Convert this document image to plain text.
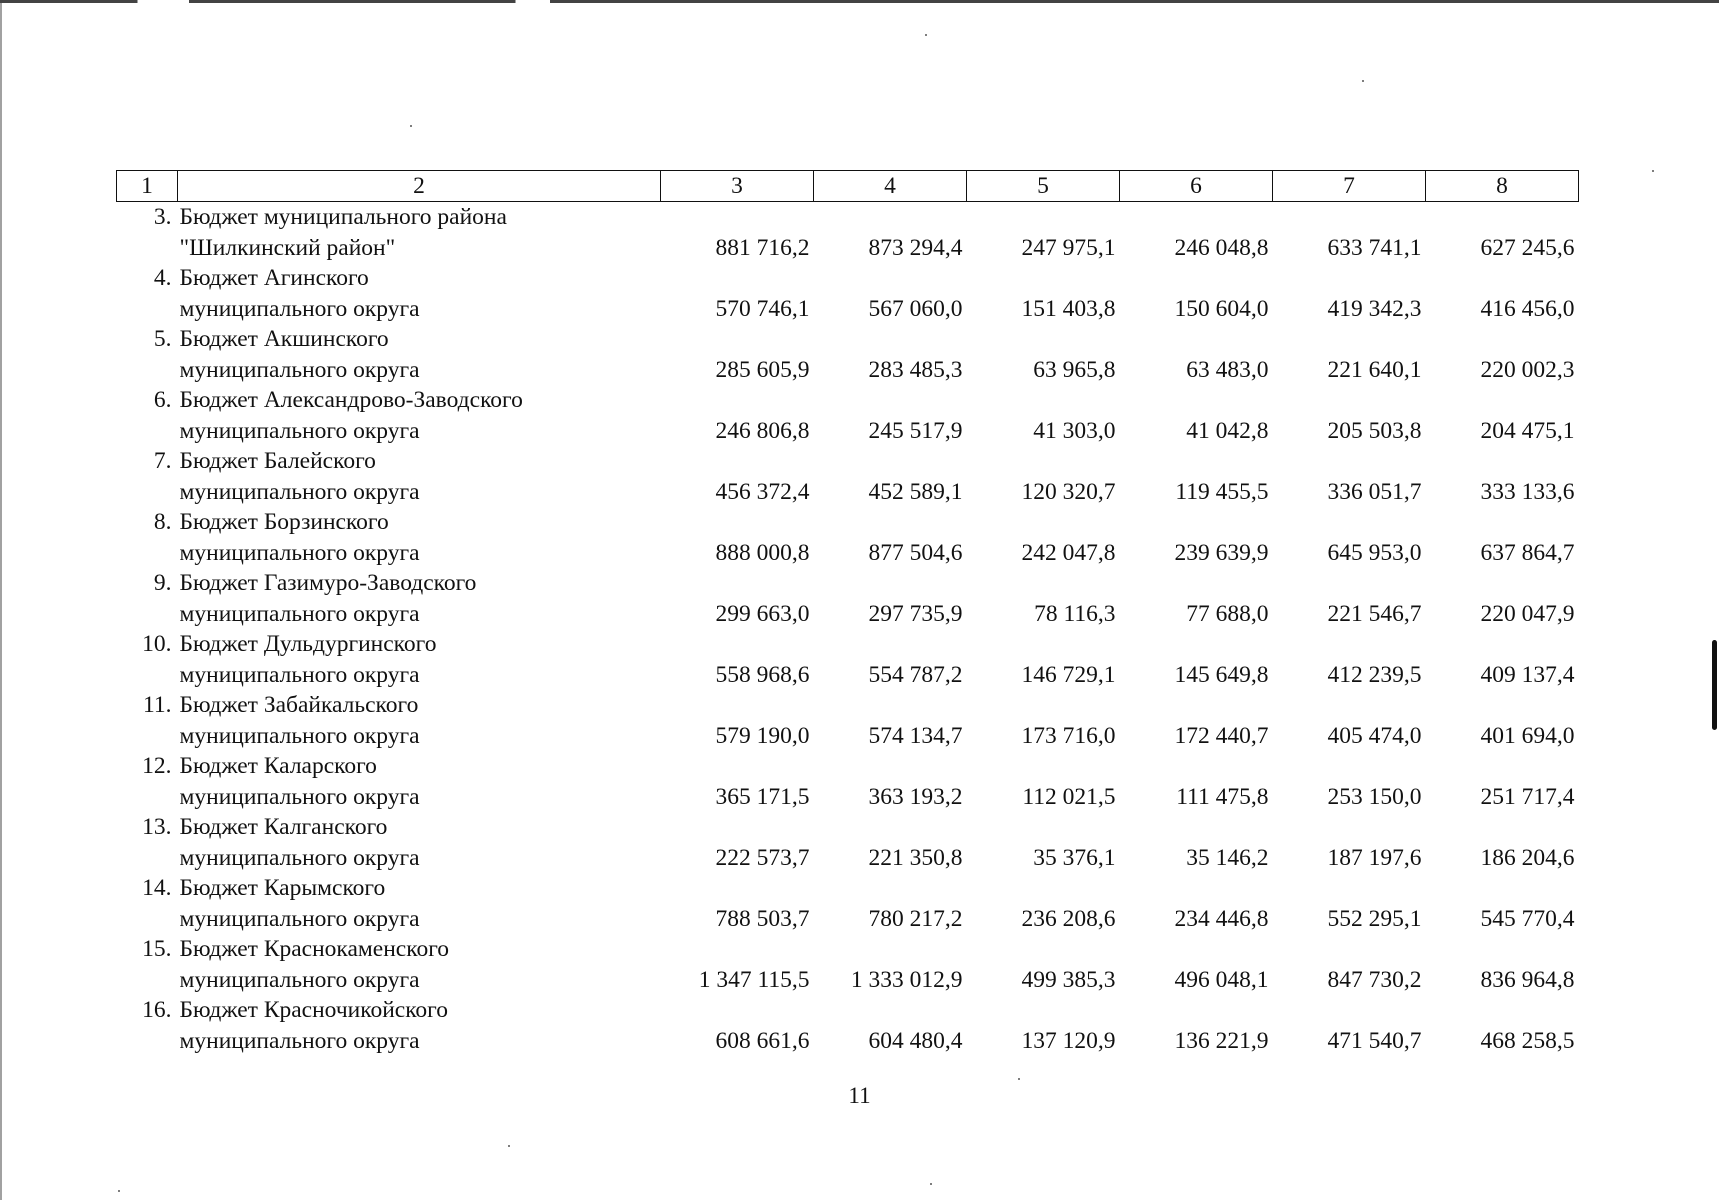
1	2	3	4	5	6	7	8
3.	Бюджет муниципального района
"Шилкинский район"	881 716,2	873 294,4	247 975,1	246 048,8	633 741,1	627 245,6
4.	Бюджет Агинского
муниципального округа	570 746,1	567 060,0	151 403,8	150 604,0	419 342,3	416 456,0
5.	Бюджет Акшинского
муниципального округа	285 605,9	283 485,3	63 965,8	63 483,0	221 640,1	220 002,3
6.	Бюджет Александрово-Заводского
муниципального округа	246 806,8	245 517,9	41 303,0	41 042,8	205 503,8	204 475,1
7.	Бюджет Балейского
муниципального округа	456 372,4	452 589,1	120 320,7	119 455,5	336 051,7	333 133,6
8.	Бюджет Борзинского
муниципального округа	888 000,8	877 504,6	242 047,8	239 639,9	645 953,0	637 864,7
9.	Бюджет Газимуро-Заводского
муниципального округа	299 663,0	297 735,9	78 116,3	77 688,0	221 546,7	220 047,9
10.	Бюджет Дульдургинского
муниципального округа	558 968,6	554 787,2	146 729,1	145 649,8	412 239,5	409 137,4
11.	Бюджет Забайкальского
муниципального округа	579 190,0	574 134,7	173 716,0	172 440,7	405 474,0	401 694,0
12.	Бюджет Каларского
муниципального округа	365 171,5	363 193,2	112 021,5	111 475,8	253 150,0	251 717,4
13.	Бюджет Калганского
муниципального округа	222 573,7	221 350,8	35 376,1	35 146,2	187 197,6	186 204,6
14.	Бюджет Карымского
муниципального округа	788 503,7	780 217,2	236 208,6	234 446,8	552 295,1	545 770,4
15.	Бюджет Краснокаменского
муниципального округа	1 347 115,5	1 333 012,9	499 385,3	496 048,1	847 730,2	836 964,8
16.	Бюджет Красночикойского
муниципального округа	608 661,6	604 480,4	137 120,9	136 221,9	471 540,7	468 258,5
11
